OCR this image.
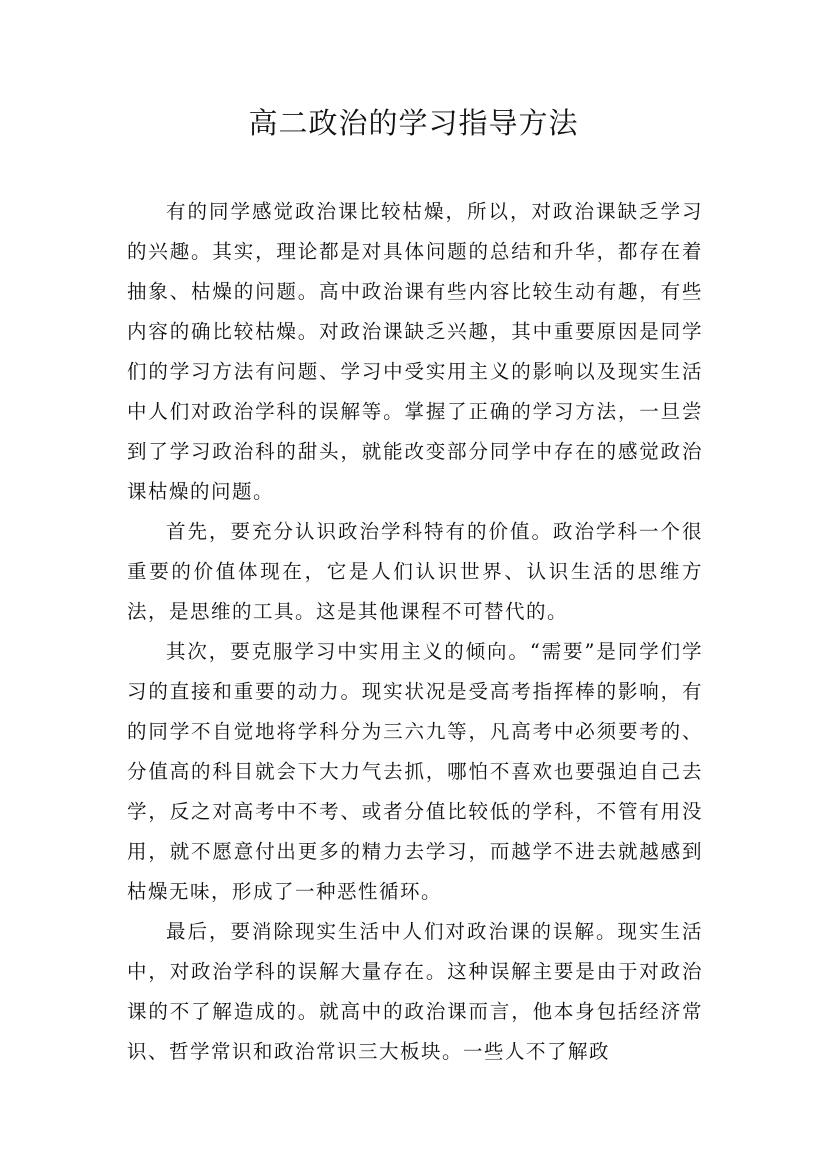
高二政治的学习指导方法

有的同学感觉政治课比较枯燥，所以，对政治课缺乏学习的兴趣。其实，理论都是对具体问题的总结和升华，都存在着抽象、枯燥的问题。高中政治课有些内容比较生动有趣，有些内容的确比较枯燥。对政治课缺乏兴趣，其中重要原因是同学们的学习方法有问题、学习中受实用主义的影响以及现实生活中人们对政治学科的误解等。掌握了正确的学习方法，一旦尝到了学习政治科的甜头，就能改变部分同学中存在的感觉政治课枯燥的问题。

首先，要充分认识政治学科特有的价值。政治学科一个很重要的价值体现在，它是人们认识世界、认识生活的思维方法，是思维的工具。这是其他课程不可替代的。

其次，要克服学习中实用主义的倾向。“需要”是同学们学习的直接和重要的动力。现实状况是受高考指挥棒的影响，有的同学不自觉地将学科分为三六九等，凡高考中必须要考的、分值高的科目就会下大力气去抓，哪怕不喜欢也要强迫自己去学，反之对高考中不考、或者分值比较低的学科，不管有用没用，就不愿意付出更多的精力去学习，而越学不进去就越感到枯燥无味，形成了一种恶性循环。

最后，要消除现实生活中人们对政治课的误解。现实生活中，对政治学科的误解大量存在。这种误解主要是由于对政治课的不了解造成的。就高中的政治课而言，他本身包括经济常识、哲学常识和政治常识三大板块。一些人不了解政
